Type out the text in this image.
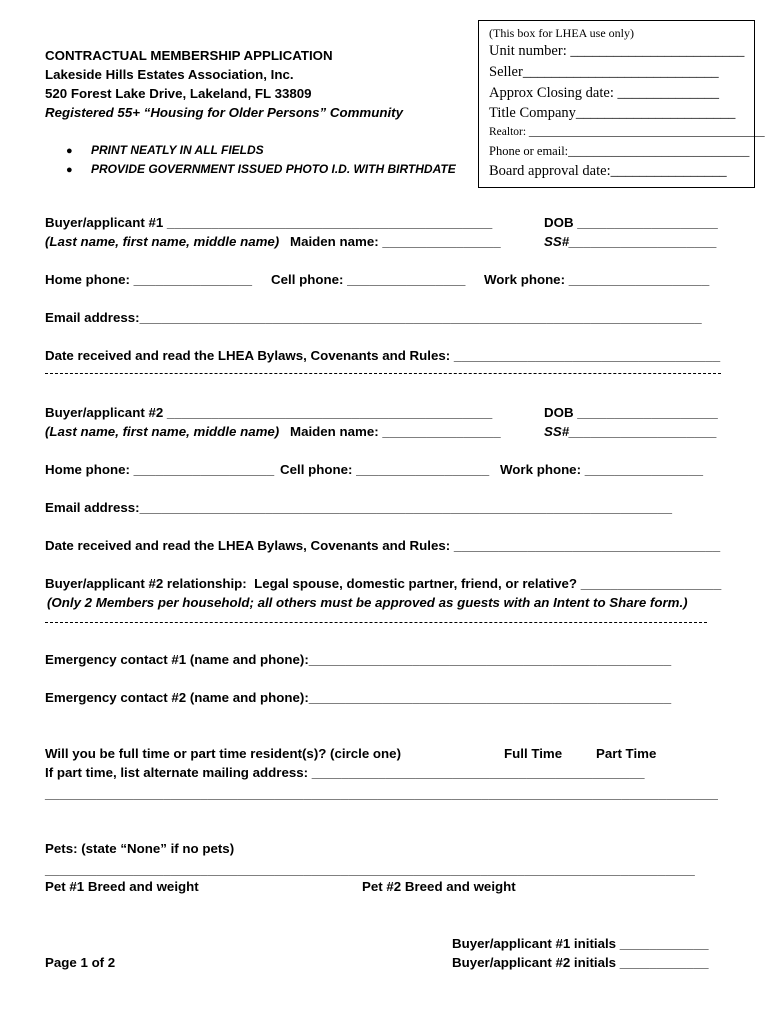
CONTRACTUAL MEMBERSHIP APPLICATION
Lakeside Hills Estates Association, Inc.
520 Forest Lake Drive, Lakeland, FL 33809
Registered 55+ “Housing for Older Persons” Community
● PRINT NEATLY IN ALL FIELDS
● PROVIDE GOVERNMENT ISSUED PHOTO I.D. WITH BIRTHDATE
(This box for LHEA use only)
Unit number: ________________________
Seller___________________________
Approx Closing date: ______________
Title Company______________________
Realtor: _________________________________________
Phone or email:_____________________________
Board approval date:________________
Buyer/applicant #1 ____________________________________________	DOB ___________________
(Last name, first name, middle name) Maiden name: ________________	SS#____________________
Home phone: ________________ Cell phone: ________________ Work phone: ___________________
Email address:____________________________________________________________________________
Date received and read the LHEA Bylaws, Covenants and Rules: ____________________________________
Buyer/applicant #2 ____________________________________________	DOB ___________________
(Last name, first name, middle name) Maiden name: ________________	SS#____________________
Home phone: ___________________ Cell phone: __________________ Work phone: ________________
Email address:________________________________________________________________________
Date received and read the LHEA Bylaws, Covenants and Rules: ____________________________________
Buyer/applicant #2 relationship:  Legal spouse, domestic partner, friend, or relative? ___________________
(Only 2 Members per household; all others must be approved as guests with an Intent to Share form.)
Emergency contact #1 (name and phone):_________________________________________________
Emergency contact #2 (name and phone):_________________________________________________
Will you be full time or part time resident(s)? (circle one)	Full Time	Part Time
If part time, list alternate mailing address: _____________________________________________
___________________________________________________________________________________________
Pets: (state “None” if no pets)
_____________________________________________
_____________________________________________
Pet #1 Breed and weight	Pet #2 Breed and weight
Buyer/applicant #1 initials ____________
Page 1 of 2	Buyer/applicant #2 initials ____________
